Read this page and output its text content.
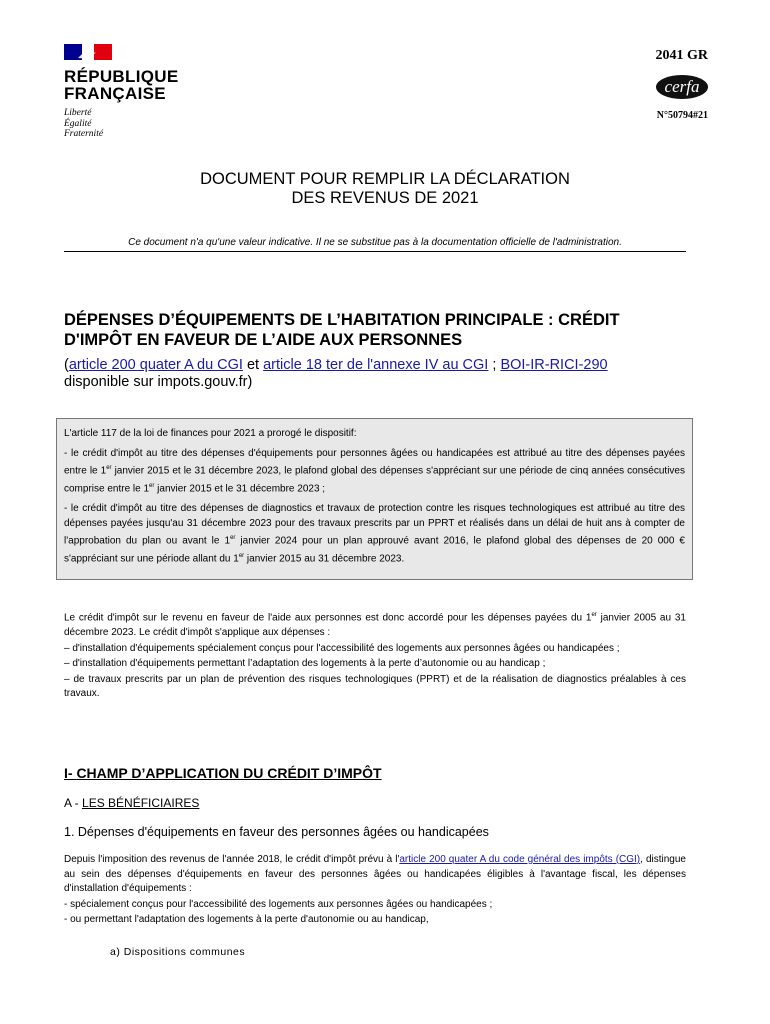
RÉPUBLIQUE
FRANÇAISE
Liberté
Égalité
Fraternité
2041 GR
cerfa
N°50794#21
DOCUMENT POUR REMPLIR LA DÉCLARATION
DES REVENUS DE 2021
Ce document n'a qu'une valeur indicative. Il ne se substitue pas à la documentation officielle de l'administration.
DÉPENSES D’ÉQUIPEMENTS DE L’HABITATION PRINCIPALE : CRÉDIT
D'IMPÔT EN FAVEUR DE L’AIDE AUX PERSONNES
(article 200 quater A du CGI et article 18 ter de l'annexe IV au CGI ; BOI-IR-RICI-290
disponible sur impots.gouv.fr)

L'article 117 de la loi de finances pour 2021 a prorogé le dispositif:

- le crédit d'impôt au titre des dépenses d'équipements pour personnes âgées ou handicapées est attribué au titre des dépenses payées entre le 1er janvier 2015 et le 31 décembre 2023, le plafond global des dépenses s'appréciant sur une période de cinq années consécutives comprise entre le 1er janvier 2015 et le 31 décembre 2023 ;

- le crédit d'impôt au titre des dépenses de diagnostics et travaux de protection contre les risques technologiques est attribué au titre des dépenses payées jusqu'au 31 décembre 2023 pour des travaux prescrits par un PPRT et réalisés dans un délai de huit ans à compter de l'approbation du plan ou avant le 1er janvier 2024 pour un plan approuvé avant 2016, le plafond global des dépenses de 20 000 € s'appréciant sur une période allant du 1er janvier 2015 au 31 décembre 2023.

Le crédit d'impôt sur le revenu en faveur de l'aide aux personnes est donc accordé pour les dépenses payées du 1er janvier 2005 au 31 décembre 2023. Le crédit d'impôt s'applique aux dépenses :

– d'installation d'équipements spécialement conçus pour l'accessibilité des logements aux personnes âgées ou handicapées ;

– d'installation d'équipements permettant l’adaptation des logements à la perte d’autonomie ou au handicap ;

– de travaux prescrits par un plan de prévention des risques technologiques (PPRT) et de la réalisation de diagnostics préalables à ces travaux.

I- CHAMP D’APPLICATION DU CRÉDIT D’IMPÔT
A - LES BÉNÉFICIAIRES
1. Dépenses d'équipements en faveur des personnes âgées ou handicapées

Depuis l'imposition des revenus de l'année 2018, le crédit d'impôt prévu à l'article 200 quater A du code général des impôts (CGI), distingue au sein des dépenses d'équipements en faveur des personnes âgées ou handicapées éligibles à l'avantage fiscal, les dépenses d'installation d'équipements :

- spécialement conçus pour l'accessibilité des logements aux personnes âgées ou handicapées ;

- ou permettant l'adaptation des logements à la perte d'autonomie ou au handicap,

a) Dispositions communes
